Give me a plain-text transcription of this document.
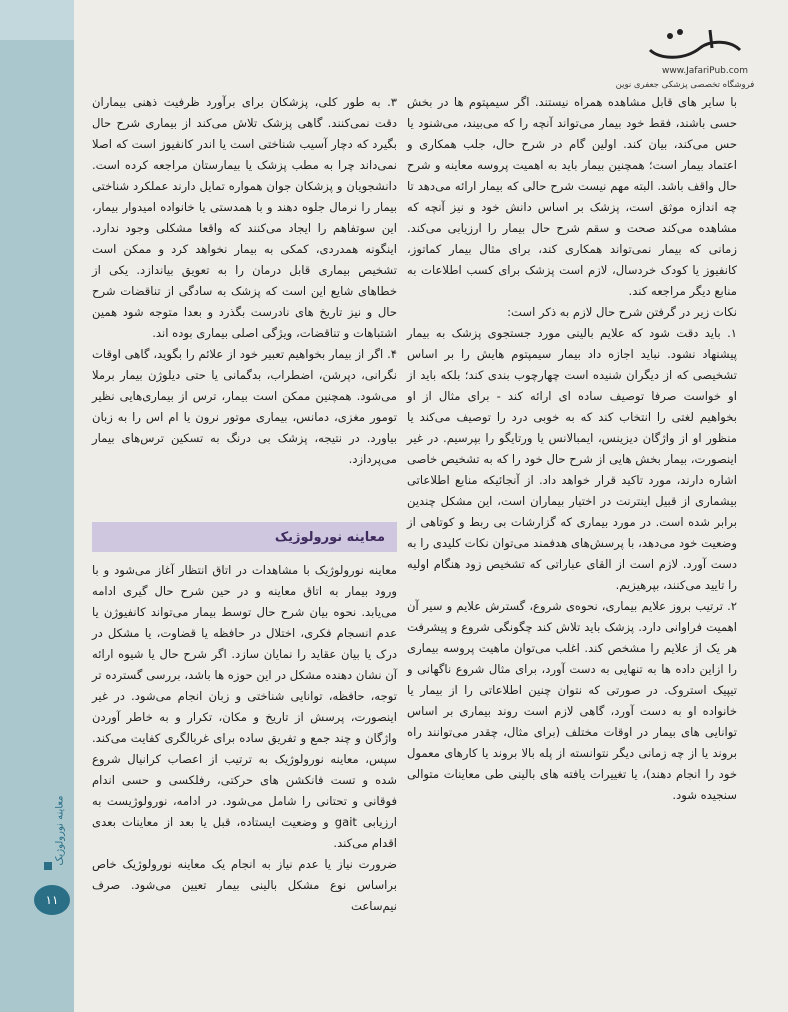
معاینه نورولوژیک
۱۱
www.JafariPub.com
فروشگاه تخصصی پزشکی جعفری نوین

با سایر های قابل مشاهده همراه نیستند. اگر سیمپتوم ها در بخش حسی باشند، فقط خود بیمار می‌تواند آنچه را که می‌بیند، می‌شنود یا حس می‌کند، بیان کند. اولین گام در شرح حال، جلب همکاری و اعتماد بیمار است؛ همچنین بیمار باید به اهمیت پروسه معاینه و شرح حال واقف باشد. البته مهم نیست شرح حالی که بیمار ارائه می‌دهد تا چه اندازه موثق است، پزشک بر اساس دانش خود و نیز آنچه که مشاهده می‌کند صحت و سقم شرح حال بیمار را ارزیابی می‌کند. زمانی که بیمار نمی‌تواند همکاری کند، برای مثال بیمار کماتوز، کانفیوز یا کودک خردسال، لازم است پزشک برای کسب اطلاعات به منابع دیگر مراجعه کند.

نکات زیر در گرفتن شرح حال لازم به ذکر است:

۱. باید دقت شود که علایم بالینی مورد جستجوی پزشک به بیمار پیشنهاد نشود. نباید اجازه داد بیمار سیمپتوم هایش را بر اساس تشخیصی که از دیگران شنیده است چهارچوب بندی کند؛ بلکه باید از او خواست صرفا توصیف ساده ای ارائه کند - برای مثال از او بخواهیم لغتی را انتخاب کند که به خوبی درد را توصیف می‌کند یا منظور او از واژگان دیزینس، ایمبالانس یا ورتایگو را بپرسیم. در غیر اینصورت، بیمار بخش هایی از شرح حال خود را که به تشخیص خاصی اشاره دارند، مورد تاکید قرار خواهد داد. از آنجائیکه منابع اطلاعاتی بیشماری از قبیل اینترنت در اختیار بیماران است، این مشکل چندین برابر شده است. در مورد بیماری که گزارشات بی ربط و کوتاهی از وضعیت خود می‌دهد، با پرسش‌های هدفمند می‌توان نکات کلیدی را به دست آورد. لازم است از القای عباراتی که تشخیص زود هنگام اولیه را تایید می‌کنند، بپرهیزیم.

۲. ترتیب بروز علایم بیماری، نحوه‌ی شروع، گسترش علایم و سیر آن اهمیت فراوانی دارد. پزشک باید تلاش کند چگونگی شروع و پیشرفت هر یک از علایم را مشخص کند. اغلب می‌توان ماهیت پروسه بیماری را ازاین داده ها به تنهایی به دست آورد، برای مثال شروع ناگهانی و تیپیک استروک. در صورتی که نتوان چنین اطلاعاتی را از بیمار یا خانواده او به دست آورد، گاهی لازم است روند بیماری بر اساس توانایی های بیمار در اوقات مختلف (برای مثال، چقدر می‌توانند راه بروند یا از چه زمانی دیگر نتوانسته از پله بالا بروند یا کارهای معمول خود را انجام دهند)، یا تغییرات یافته های بالینی طی معاینات متوالی سنجیده شود.

۳. به طور کلی، پزشکان برای برآورد ظرفیت ذهنی بیماران دقت نمی‌کنند. گاهی پزشک تلاش می‌کند از بیماری شرح حال بگیرد که دچار آسیب شناختی است یا اندر کانفیوز است که اصلا نمی‌داند چرا به مطب پزشک یا بیمارستان مراجعه کرده است. دانشجویان و پزشکان جوان همواره تمایل دارند عملکرد شناختی بیمار را نرمال جلوه دهند و با همدستی یا خانواده امیدوار بیمار، این سوتفاهم را ایجاد می‌کنند که واقعا مشکلی وجود ندارد. اینگونه همدردی، کمکی به بیمار نخواهد کرد و ممکن است تشخیص بیماری قابل درمان را به تعویق بیاندازد. یکی از خطاهای شایع این است که پزشک به سادگی از تناقضات شرح حال و نیز تاریخ های نادرست بگذرد و بعدا متوجه شود همین اشتباهات و تناقضات، ویژگی اصلی بیماری بوده اند.

۴. اگر از بیمار بخواهیم تعبیر خود از علائم را بگوید، گاهی اوقات نگرانی، دپرشن، اضطراب، بدگمانی یا حتی دیلوژن بیمار برملا می‌شود. همچنین ممکن است بیمار، ترس از بیماری‌هایی نظیر تومور مغزی، دمانس، بیماری موتور نرون یا ام اس را به زبان بیاورد. در نتیجه، پزشک بی درنگ به تسکین ترس‌های بیمار می‌پردازد.

معاینه نورولوژیک

معاینه نورولوژیک با مشاهدات در اتاق انتظار آغاز می‌شود و با ورود بیمار به اتاق معاینه و در حین شرح حال گیری ادامه می‌یابد. نحوه بیان شرح حال توسط بیمار می‌تواند کانفیوژن یا عدم انسجام فکری، اختلال در حافظه یا قضاوت، یا مشکل در درک یا بیان عقاید را نمایان سازد. اگر شرح حال یا شیوه ارائه آن نشان دهنده مشکل در این حوزه ها باشد، بررسی گسترده تر توجه، حافظه، توانایی شناختی و زبان انجام می‌شود. در غیر اینصورت، پرسش از تاریخ و مکان، تکرار و به خاطر آوردن واژگان و چند جمع و تفریق ساده برای غربالگری کفایت می‌کند. سپس، معاینه نورولوژیک به ترتیب از اعصاب کرانیال شروع شده و تست فانکشن های حرکتی، رفلکسی و حسی اندام فوقانی و تحتانی را شامل می‌شود. در ادامه، نورولوژیست به ارزیابی gait و وضعیت ایستاده، قبل یا بعد از معاینات بعدی اقدام می‌کند.

ضرورت نیاز یا عدم نیاز به انجام یک معاینه نورولوژیک خاص براساس نوع مشکل بالینی بیمار تعیین می‌شود. صرف نیم‌ساعت
